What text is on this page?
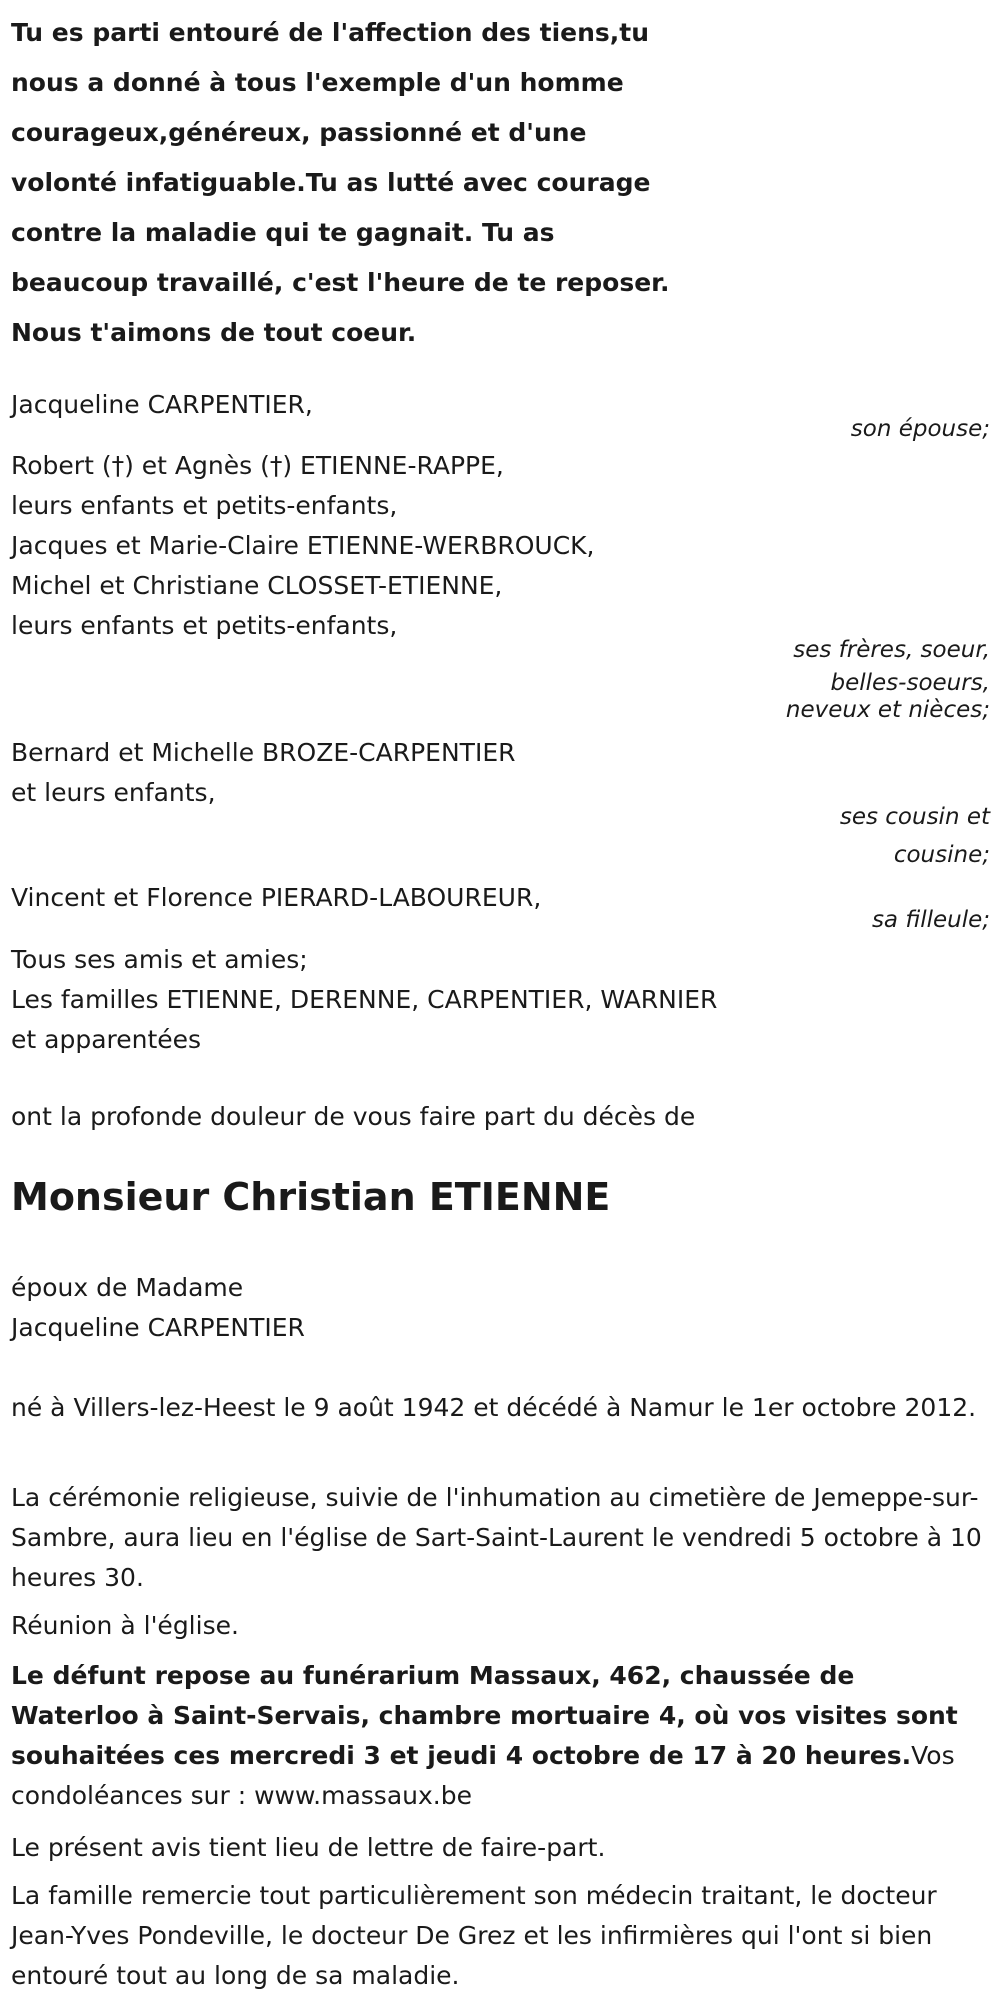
Tu es parti entouré de l'affection des tiens,tu
nous a donné à tous l'exemple d'un homme
courageux,généreux, passionné et d'une
volonté infatiguable.Tu as lutté avec courage
contre la maladie qui te gagnait. Tu as
beaucoup travaillé, c'est l'heure de te reposer.
Nous t'aimons de tout coeur.

Jacqueline CARPENTIER,

son épouse;

Robert (†) et Agnès (†) ETIENNE-RAPPE,
leurs enfants et petits-enfants,
Jacques et Marie-Claire ETIENNE-WERBROUCK,
Michel et Christiane CLOSSET-ETIENNE,
leurs enfants et petits-enfants,

ses frères, soeur,

belles-soeurs,
neveux et nièces;

Bernard et Michelle BROZE-CARPENTIER
et leurs enfants,

ses cousin et
cousine;

Vincent et Florence PIERARD-LABOUREUR,

sa filleule;

Tous ses amis et amies;
Les familles ETIENNE, DERENNE, CARPENTIER, WARNIER
et apparentées

ont la profonde douleur de vous faire part du décès de

Monsieur Christian ETIENNE

époux de Madame
Jacqueline CARPENTIER

né à Villers-lez-Heest le 9 août 1942 et décédé à Namur le 1er octobre 2012.

La cérémonie religieuse, suivie de l'inhumation au cimetière de Jemeppe-sur-Sambre, aura lieu en l'église de Sart-Saint-Laurent le vendredi 5 octobre à 10 heures 30.

Réunion à l'église.

Le défunt repose au funérarium Massaux, 462, chaussée de Waterloo à Saint-Servais, chambre mortuaire 4, où vos visites sont souhaitées ces mercredi 3 et jeudi 4 octobre de 17 à 20 heures.Vos condoléances sur : www.massaux.be

Le présent avis tient lieu de lettre de faire-part.

La famille remercie tout particulièrement son médecin traitant, le docteur Jean-Yves Pondeville, le docteur De Grez et les infirmières qui l'ont si bien entouré tout au long de sa maladie.
